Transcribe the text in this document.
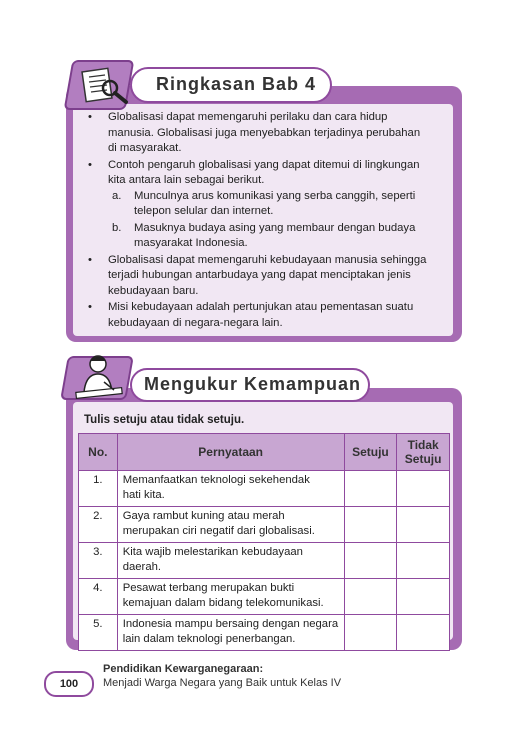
Ringkasan Bab 4
• Globalisasi dapat memengaruhi perilaku dan cara hidup
manusia. Globalisasi juga menyebabkan terjadinya perubahan
di masyarakat.
• Contoh pengaruh globalisasi yang dapat ditemui di lingkungan
kita antara lain sebagai berikut.
a.	Munculnya arus komunikasi yang serba canggih, seperti
telepon selular dan internet.
b.	Masuknya budaya asing yang membaur dengan budaya
masyarakat Indonesia.
• Globalisasi dapat memengaruhi kebudayaan manusia sehingga
terjadi hubungan antarbudaya yang dapat menciptakan jenis
kebudayaan baru.
• Misi kebudayaan adalah pertunjukan atau pementasan suatu
kebudayaan di negara-negara lain.
Mengukur Kemampuan
Tulis setuju atau tidak setuju.
No.	Pernyataan	Setuju	Tidak
Setuju

1.	Memanfaatkan teknologi sekehendak
hati kita.		

2.	Gaya rambut kuning atau merah
merupakan ciri negatif dari globalisasi.		

3.	Kita wajib melestarikan kebudayaan
daerah.		

4.	Pesawat terbang merupakan bukti
kemajuan dalam bidang telekomunikasi.		

5.	Indonesia mampu bersaing dengan negara
lain dalam teknologi penerbangan.		

100
Pendidikan Kewarganegaraan:
Menjadi Warga Negara yang Baik untuk Kelas IV
